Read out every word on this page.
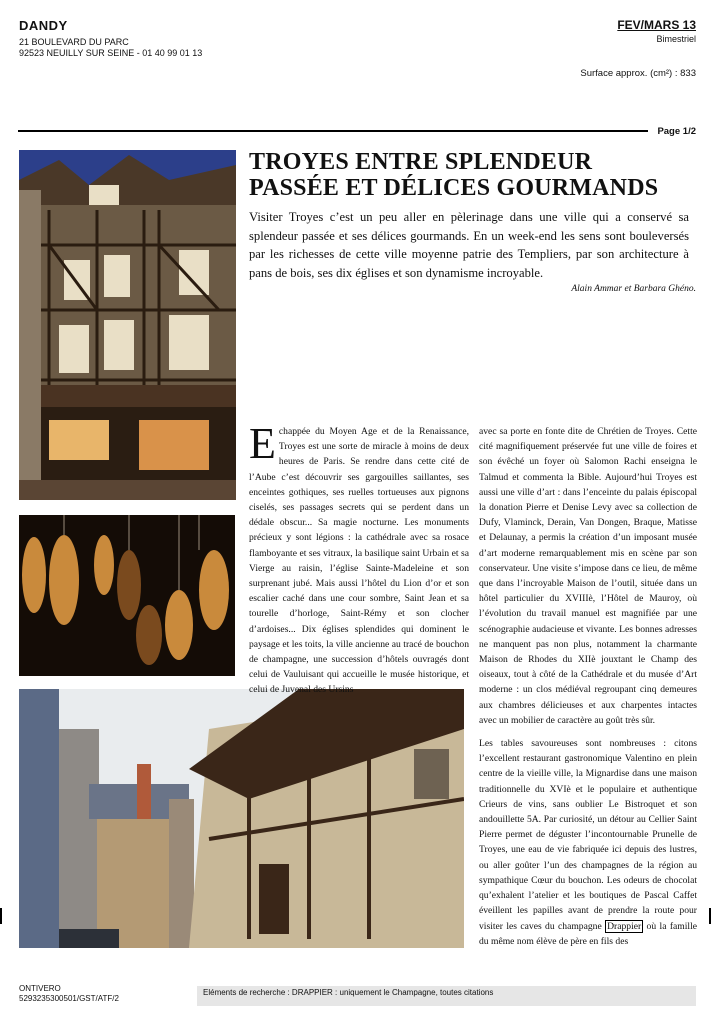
DANDY
21 BOULEVARD DU PARC
92523 NEUILLY SUR SEINE - 01 40 99 01 13
FEV/MARS 13
Bimestriel
Surface approx. (cm²) : 833
Page 1/2
TROYES ENTRE SPLENDEUR
PASSÉE ET DÉLICES GOURMANDS
Visiter Troyes c’est un peu aller en pèlerinage dans une ville qui a conservé sa splendeur passée et ses délices gourmands. En un week-end les sens sont bouleversés par les richesses de cette ville moyenne patrie des Templiers, par son architecture à pans de bois, ses dix églises et son dynamisme incroyable.
Alain Ammar et Barbara Ghéno.
Echappée du Moyen Age et de la Renaissance, Troyes est une sorte de miracle à moins de deux heures de Paris. Se rendre dans cette cité de l’Aube c’est découvrir ses gargouilles saillantes, ses enceintes gothiques, ses ruelles tortueuses aux pignons ciselés, ses passages secrets qui se perdent dans un dédale obscur... Sa magie nocturne. Les monuments précieux y sont légions : la cathédrale avec sa rosace flamboyante et ses vitraux, la basilique saint Urbain et sa Vierge au raisin, l’église Sainte-Madeleine et son surprenant jubé. Mais aussi l’hôtel du Lion d’or et son escalier caché dans une cour sombre, Saint Jean et sa tourelle d’horloge, Saint-Rémy et son clocher d’ardoises... Dix églises splendides qui dominent le paysage et les toits, la ville ancienne au tracé de bouchon de champagne, une succession d’hôtels ouvragés dont celui de Vauluisant qui accueille le musée historique, et celui de Juvenal des Ursins
avec sa porte en fonte dite de Chrétien de Troyes. Cette cité magnifiquement préservée fut une ville de foires et son évêché un foyer où Salomon Rachi enseigna le Talmud et commenta la Bible. Aujourd’hui Troyes est aussi une ville d’art : dans l’enceinte du palais épiscopal la donation Pierre et Denise Levy avec sa collection de Dufy, Vlaminck, Derain, Van Dongen, Braque, Matisse et Delaunay, a permis la création d’un imposant musée d’art moderne remarquablement mis en scène par son conservateur. Une visite s’impose dans ce lieu, de même que dans l’incroyable Maison de l’outil, située dans un hôtel particulier du XVIIIè, l’Hôtel de Mauroy, où l’évolution du travail manuel est magnifiée par une scénographie audacieuse et vivante. Les bonnes adresses ne manquent pas non plus, notamment la charmante Maison de Rhodes du XIIè jouxtant le Champ des oiseaux, tout à côté de la Cathédrale et du musée d’Art moderne : un clos médiéval regroupant cinq demeures aux chambres délicieuses et aux charpentes intactes avec un mobilier de caractère au goût très sûr.
Les tables savoureuses sont nombreuses : citons l’excellent restaurant gastronomique Valentino en plein centre de la vieille ville, la Mignardise dans une maison traditionnelle du XVIè et le populaire et authentique Crieurs de vins, sans oublier Le Bistroquet et son andouillette 5A. Par curiosité, un détour au Cellier Saint Pierre permet de déguster l’incontournable Prunelle de Troyes, une eau de vie fabriquée ici depuis des lustres, ou aller goûter l’un des champagnes de la région au sympathique Cœur du bouchon. Les odeurs de chocolat qu’exhalent l’atelier et les boutiques de Pascal Caffet éveillent les papilles avant de prendre la route pour visiter les caves du champagne Drappier où la famille du même nom élève de père en fils des
ONTIVERO
5293235300501/GST/ATF/2
Eléments de recherche : DRAPPIER : uniquement le Champagne, toutes citations
